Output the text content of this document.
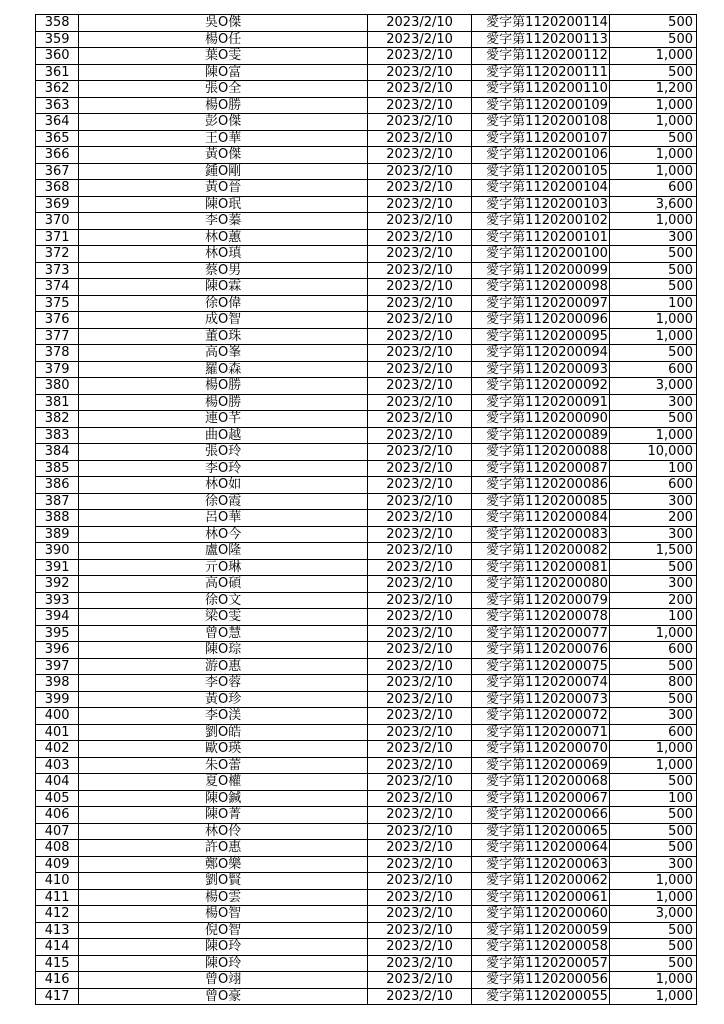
358	吳O傑	2023/2/10	愛字第1120200114	500
359	楊O任	2023/2/10	愛字第1120200113	500
360	葉O雯	2023/2/10	愛字第1120200112	1,000
361	陳O富	2023/2/10	愛字第1120200111	500
362	張O全	2023/2/10	愛字第1120200110	1,200
363	楊O勝	2023/2/10	愛字第1120200109	1,000
364	彭O傑	2023/2/10	愛字第1120200108	1,000
365	王O華	2023/2/10	愛字第1120200107	500
366	黃O傑	2023/2/10	愛字第1120200106	1,000
367	鍾O剛	2023/2/10	愛字第1120200105	1,000
368	黃O晉	2023/2/10	愛字第1120200104	600
369	陳O珉	2023/2/10	愛字第1120200103	3,600
370	李O蓁	2023/2/10	愛字第1120200102	1,000
371	林O蕙	2023/2/10	愛字第1120200101	300
372	林O瑱	2023/2/10	愛字第1120200100	500
373	蔡O男	2023/2/10	愛字第1120200099	500
374	陳O霖	2023/2/10	愛字第1120200098	500
375	徐O偉	2023/2/10	愛字第1120200097	100
376	成O智	2023/2/10	愛字第1120200096	1,000
377	董O珠	2023/2/10	愛字第1120200095	1,000
378	高O峯	2023/2/10	愛字第1120200094	500
379	羅O森	2023/2/10	愛字第1120200093	600
380	楊O勝	2023/2/10	愛字第1120200092	3,000
381	楊O勝	2023/2/10	愛字第1120200091	300
382	連O芊	2023/2/10	愛字第1120200090	500
383	曲O越	2023/2/10	愛字第1120200089	1,000
384	張O玲	2023/2/10	愛字第1120200088	10,000
385	李O玲	2023/2/10	愛字第1120200087	100
386	林O如	2023/2/10	愛字第1120200086	600
387	徐O霞	2023/2/10	愛字第1120200085	300
388	呂O華	2023/2/10	愛字第1120200084	200
389	林O今	2023/2/10	愛字第1120200083	300
390	盧O隆	2023/2/10	愛字第1120200082	1,500
391	亓O琳	2023/2/10	愛字第1120200081	500
392	高O碩	2023/2/10	愛字第1120200080	300
393	徐O文	2023/2/10	愛字第1120200079	200
394	梁O雯	2023/2/10	愛字第1120200078	100
395	曾O慧	2023/2/10	愛字第1120200077	1,000
396	陳O琮	2023/2/10	愛字第1120200076	600
397	游O惠	2023/2/10	愛字第1120200075	500
398	李O蓉	2023/2/10	愛字第1120200074	800
399	黃O珍	2023/2/10	愛字第1120200073	500
400	李O渼	2023/2/10	愛字第1120200072	300
401	劉O皓	2023/2/10	愛字第1120200071	600
402	歐O瑛	2023/2/10	愛字第1120200070	1,000
403	朱O蕾	2023/2/10	愛字第1120200069	1,000
404	夏O權	2023/2/10	愛字第1120200068	500
405	陳O鍼	2023/2/10	愛字第1120200067	100
406	陳O菁	2023/2/10	愛字第1120200066	500
407	林O伶	2023/2/10	愛字第1120200065	500
408	許O惠	2023/2/10	愛字第1120200064	500
409	鄭O樂	2023/2/10	愛字第1120200063	300
410	劉O賢	2023/2/10	愛字第1120200062	1,000
411	楊O雲	2023/2/10	愛字第1120200061	1,000
412	楊O智	2023/2/10	愛字第1120200060	3,000
413	倪O智	2023/2/10	愛字第1120200059	500
414	陳O玲	2023/2/10	愛字第1120200058	500
415	陳O玲	2023/2/10	愛字第1120200057	500
416	曾O翊	2023/2/10	愛字第1120200056	1,000
417	曾O豪	2023/2/10	愛字第1120200055	1,000
